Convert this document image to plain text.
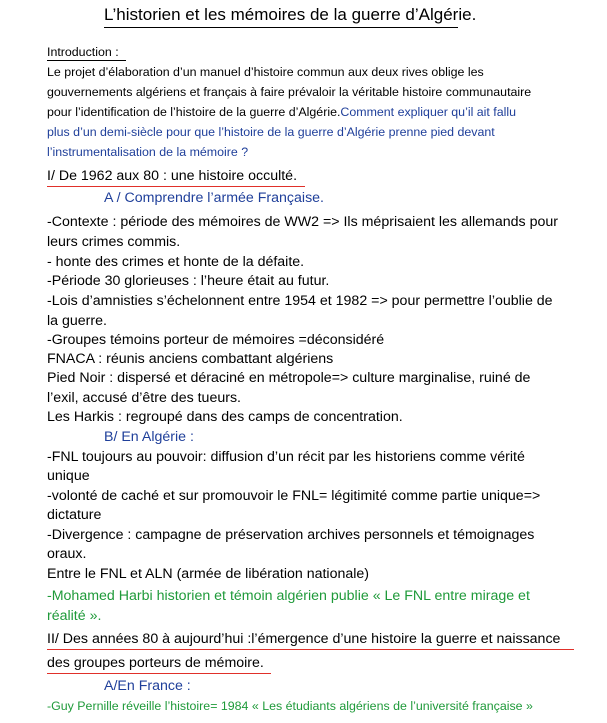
L’historien et les mémoires de la guerre d’Algérie.
Introduction :
Le projet d’élaboration d’un manuel d’histoire commun aux deux rives oblige les
gouvernements algériens et français à faire prévaloir la véritable histoire communautaire
pour l’identification de l’histoire de la guerre d’Algérie.Comment expliquer qu’il ait fallu
plus d’un demi-siècle pour que l’histoire de la guerre d’Algérie prenne pied devant
l’instrumentalisation de la mémoire ?
I/ De 1962 aux 80 : une histoire occulté.
A / Comprendre l’armée Française.
-Contexte : période des mémoires de WW2 => Ils méprisaient les allemands pour
leurs crimes commis.
- honte des crimes et honte de la défaite.
-Période 30 glorieuses : l’heure était au futur.
-Lois d’amnisties s’échelonnent entre 1954 et 1982 => pour permettre l’oublie de
la guerre.
-Groupes témoins porteur de mémoires =déconsidéré
FNACA : réunis anciens combattant algériens
Pied Noir : dispersé et déraciné en métropole=> culture marginalise, ruiné de
l’exil, accusé d’être des tueurs.
Les Harkis : regroupé dans des camps de concentration.
B/ En Algérie :
-FNL toujours au pouvoir: diffusion d’un récit par les historiens comme vérité
unique
-volonté de caché et sur promouvoir le FNL= légitimité comme partie unique=>
dictature
-Divergence : campagne de préservation archives personnels et témoignages
oraux.
Entre le FNL et ALN (armée de libération nationale)
-Mohamed Harbi historien et témoin algérien publie « Le FNL entre mirage et
réalité ».
II/ Des années 80 à aujourd’hui :l’émergence d’une histoire la guerre et naissance
des groupes porteurs de mémoire.
A/En France :
-Guy Pernille réveille l’histoire= 1984 « Les étudiants algériens de l’université française »
